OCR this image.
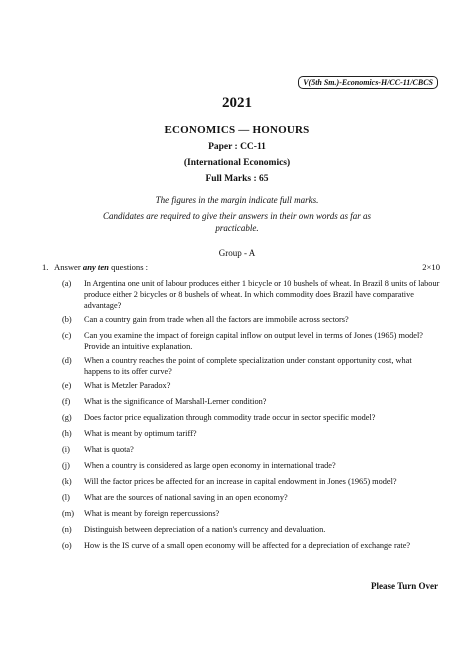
V(5th Sm.)-Economics-H/CC-11/CBCS
2021
ECONOMICS — HONOURS
Paper : CC-11
(International Economics)
Full Marks : 65
The figures in the margin indicate full marks.
Candidates are required to give their answers in their own words as far as practicable.
Group - A
1. Answer any ten questions :	2×10
(a)	In Argentina one unit of labour produces either 1 bicycle or 10 bushels of wheat. In Brazil 8 units of labour produce either 2 bicycles or 8 bushels of wheat. In which commodity does Brazil have comparative advantage?
(b)	Can a country gain from trade when all the factors are immobile across sectors?
(c)	Can you examine the impact of foreign capital inflow on output level in terms of Jones (1965) model? Provide an intuitive explanation.
(d)	When a country reaches the point of complete specialization under constant opportunity cost, what happens to its offer curve?
(e)	What is Metzler Paradox?
(f)	What is the significance of Marshall-Lerner condition?
(g)	Does factor price equalization through commodity trade occur in sector specific model?
(h)	What is meant by optimum tariff?
(i)	What is quota?
(j)	When a country is considered as large open economy in international trade?
(k)	Will the factor prices be affected for an increase in capital endowment in Jones (1965) model?
(l)	What are the sources of national saving in an open economy?
(m)	What is meant by foreign repercussions?
(n)	Distinguish between depreciation of a nation's currency and devaluation.
(o)	How is the IS curve of a small open economy will be affected for a depreciation of exchange rate?
Please Turn Over
